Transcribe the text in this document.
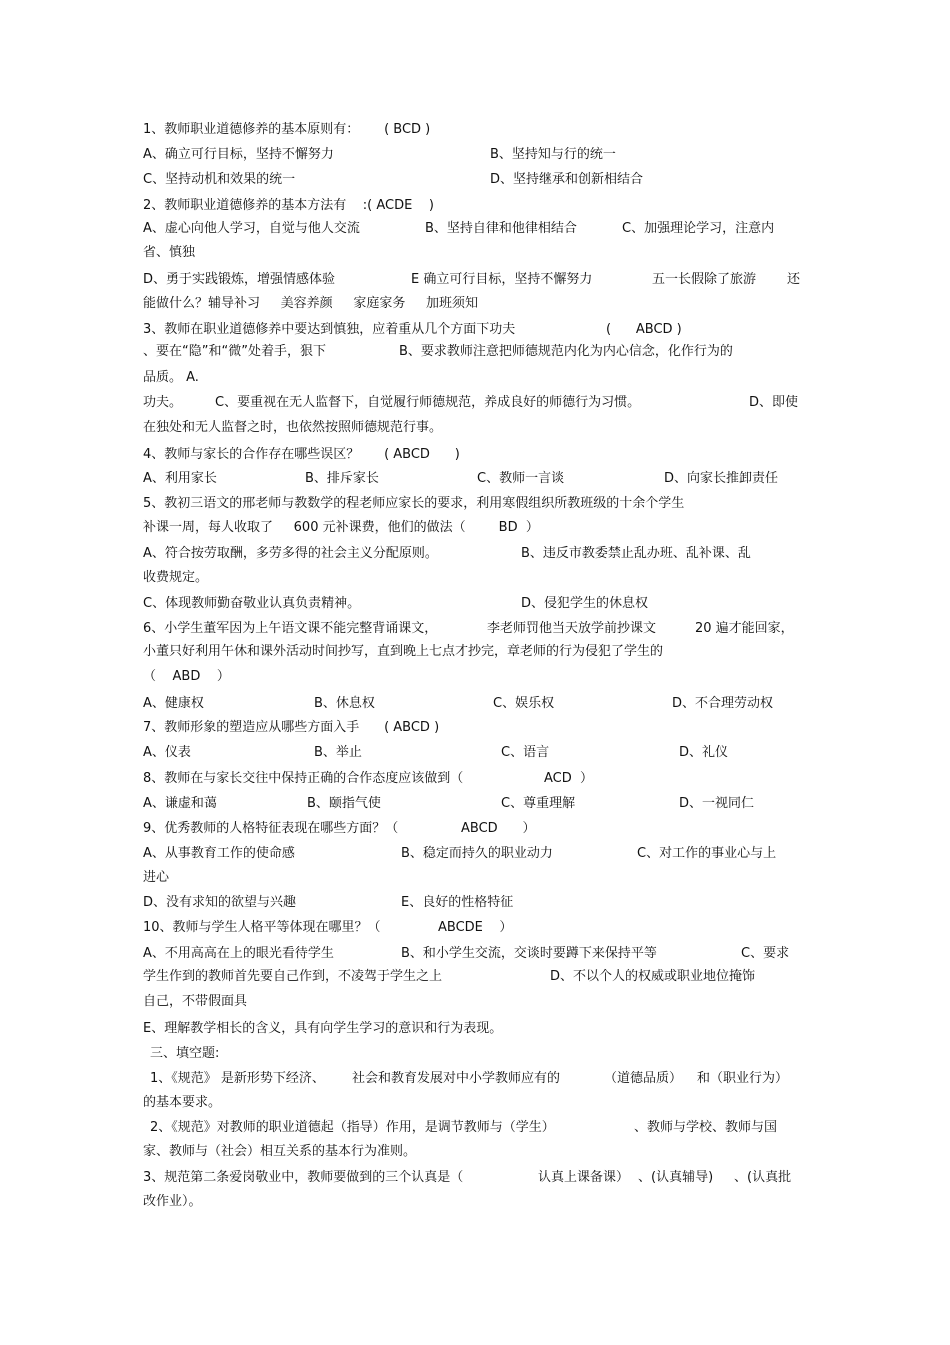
1、教师职业道德修养的基本原则有：      ( BCD )
A、确立可行目标，坚持不懈努力	B、坚持知与行的统一
C、坚持动机和效果的统一	D、坚持继承和创新相结合
2、教师职业道德修养的基本方法有    :( ACDE    )
A、虚心向他人学习，自觉与他人交流	B、坚持自律和他律相结合	C、加强理论学习，注意内
省、慎独
D、勇于实践锻炼，增强情感体验	E 确立可行目标，坚持不懈努力	五一长假除了旅游 还
能做什么？辅导补习     美容养颜     家庭家务     加班须知
3、教师在职业道德修养中要达到慎独，应着重从几个方面下功夫	(      ABCD )
、要在“隐”和“微”处着手，狠下	B、要求教师注意把师德规范内化为内心信念，化作行为的
品质。 A.
功夫。	C、要重视在无人监督下，自觉履行师德规范，养成良好的师德行为习惯。	D、即使
在独处和无人监督之时，也依然按照师德规范行事。
4、教师与家长的合作存在哪些误区？      ( ABCD      )
A、利用家长	B、排斥家长	C、教师一言谈	D、向家长推卸责任
5、教初三语文的邢老师与教数学的程老师应家长的要求，利用寒假组织所教班级的十余个学生
补课一周，每人收取了     600 元补课费，他们的做法（        BD  ）
A、符合按劳取酬，多劳多得的社会主义分配原则。	B、违反市教委禁止乱办班、乱补课、乱
收费规定。
C、体现教师勤奋敬业认真负责精神。	D、侵犯学生的休息权
6、小学生董军因为上午语文课不能完整背诵课文，	李老师罚他当天放学前抄课文	20 遍才能回家，
小董只好利用午休和课外活动时间抄写，直到晚上七点才抄完，章老师的行为侵犯了学生的
（    ABD    ）
A、健康权	B、休息权	C、娱乐权	D、不合理劳动权
7、教师形象的塑造应从哪些方面入手      ( ABCD )
A、仪表	B、举止	C、语言	D、礼仪
8、教师在与家长交往中保持正确的合作态度应该做到（	ACD  ）
A、谦虚和蔼	B、颐指气使	C、尊重理解	D、一视同仁
9、优秀教师的人格特征表现在哪些方面？（	ABCD      ）
A、从事教育工作的使命感	B、稳定而持久的职业动力	C、对工作的事业心与上
进心
D、没有求知的欲望与兴趣	E、良好的性格特征
10、教师与学生人格平等体现在哪里？（	ABCDE    ）
A、不用高高在上的眼光看待学生	B、和小学生交流，交谈时要蹲下来保持平等	C、要求
学生作到的教师首先要自己作到，不凌驾于学生之上	D、不以个人的权威或职业地位掩饰
自己，不带假面具
E、理解教学相长的含义，具有向学生学习的意识和行为表现。
三、填空题:
1、《规范》 是新形势下经济、 社会和教育发展对中小学教师应有的	（道德品质） 和（职业行为）
的基本要求。
2、《规范》对教师的职业道德起（指导）作用，是调节教师与（学生）	、教师与学校、教师与国
家、教师与（社会）相互关系的基本行为准则。
3、规范第二条爱岗敬业中，教师要做到的三个认真是（	认真上课备课） 、(认真辅导) 、(认真批
改作业）。
